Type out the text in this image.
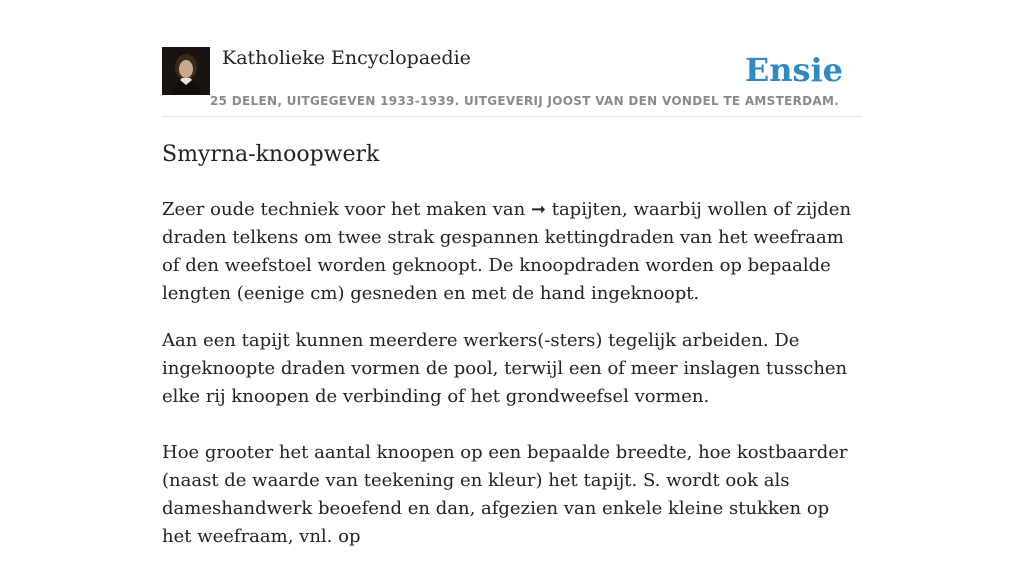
Katholieke Encyclopaedie
25 DELEN, UITGEGEVEN 1933-1939. UITGEVERIJ JOOST VAN DEN VONDEL TE AMSTERDAM.
Ensie
Smyrna-knoopwerk

Zeer oude techniek voor het maken van ➞ tapijten, waarbij wollen of zijden draden telkens om twee strak gespannen kettingdraden van het weefraam of den weefstoel worden geknoopt. De knoopdraden worden op bepaalde lengten (eenige cm) gesneden en met de hand ingeknoopt.

Aan een tapijt kunnen meerdere werkers(-sters) tegelijk arbeiden. De ingeknoopte draden vormen de pool, terwijl een of meer inslagen tusschen elke rij knoopen de verbinding of het grondweefsel vormen.

Hoe grooter het aantal knoopen op een bepaalde breedte, hoe kostbaarder (naast de waarde van teekening en kleur) het tapijt. S. wordt ook als dameshandwerk beoefend en dan, afgezien van enkele kleine stukken op het weefraam, vnl. op
